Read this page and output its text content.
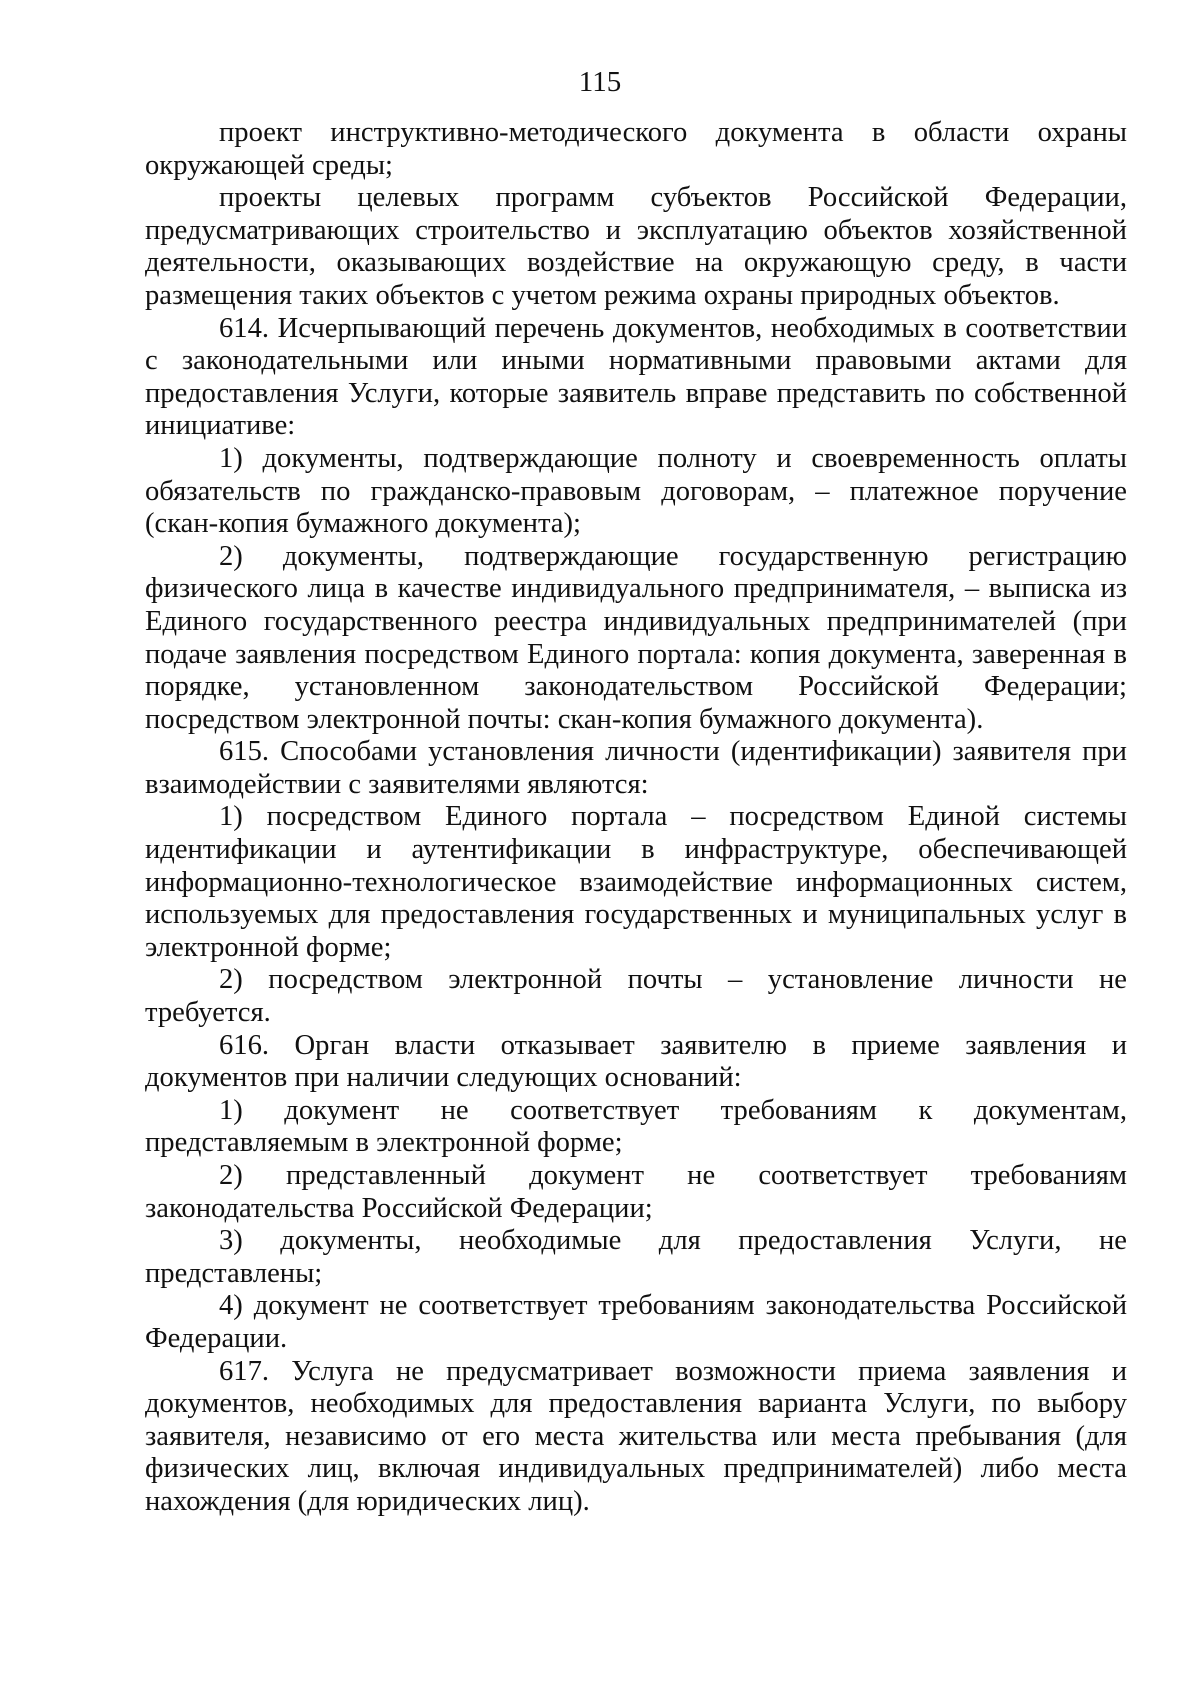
115

проект инструктивно-методического документа в области охраны окружающей среды;

проекты целевых программ субъектов Российской Федерации, предусматривающих строительство и эксплуатацию объектов хозяйственной деятельности, оказывающих воздействие на окружающую среду, в части размещения таких объектов с учетом режима охраны природных объектов.

614. Исчерпывающий перечень документов, необходимых в соответствии с законодательными или иными нормативными правовыми актами для предоставления Услуги, которые заявитель вправе представить по собственной инициативе:

1) документы, подтверждающие полноту и своевременность оплаты обязательств по гражданско-правовым договорам, – платежное поручение (скан-копия бумажного документа);

2) документы, подтверждающие государственную регистрацию физического лица в качестве индивидуального предпринимателя, – выписка из Единого государственного реестра индивидуальных предпринимателей (при подаче заявления посредством Единого портала: копия документа, заверенная в порядке, установленном законодательством Российской Федерации; посредством электронной почты: скан-копия бумажного документа).

615. Способами установления личности (идентификации) заявителя при взаимодействии с заявителями являются:

1) посредством Единого портала – посредством Единой системы идентификации и аутентификации в инфраструктуре, обеспечивающей информационно-технологическое взаимодействие информационных систем, используемых для предоставления государственных и муниципальных услуг в электронной форме;

2) посредством электронной почты – установление личности не требуется.

616. Орган власти отказывает заявителю в приеме заявления и документов при наличии следующих оснований:

1) документ не соответствует требованиям к документам, представляемым в электронной форме;

2) представленный документ не соответствует требованиям законодательства Российской Федерации;

3) документы, необходимые для предоставления Услуги, не представлены;

4) документ не соответствует требованиям законодательства Российской Федерации.

617. Услуга не предусматривает возможности приема заявления и документов, необходимых для предоставления варианта Услуги, по выбору заявителя, независимо от его места жительства или места пребывания (для физических лиц, включая индивидуальных предпринимателей) либо места нахождения (для юридических лиц).
